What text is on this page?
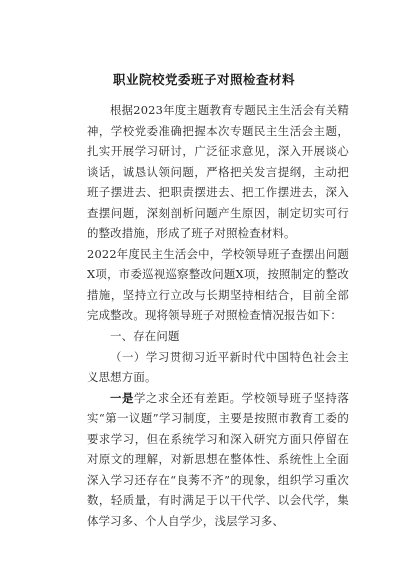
职业院校党委班子对照检查材料

根据2023年度主题教育专题民主生活会有关精神，学校党委准确把握本次专题民主生活会主题，扎实开展学习研讨，广泛征求意见，深入开展谈心谈话，诚恳认领问题，严格把关发言提纲，主动把班子摆进去、把职责摆进去、把工作摆进去，深入查摆问题，深刻剖析问题产生原因，制定切实可行的整改措施，形成了班子对照检查材料。

2022年度民主生活会中，学校领导班子查摆出问题X项，市委巡视巡察整改问题X项，按照制定的整改措施，坚持立行立改与长期坚持相结合，目前全部完成整改。现将领导班子对照检查情况报告如下：

一、存在问题

（一）学习贯彻习近平新时代中国特色社会主义思想方面。

一是学之求全还有差距。学校领导班子坚持落实“第一议题”学习制度，主要是按照市教育工委的要求学习，但在系统学习和深入研究方面只停留在对原文的理解，对新思想在整体性、系统性上全面深入学习还存在“良莠不齐”的现象，组织学习重次数，轻质量，有时满足于以干代学、以会代学，集体学习多、个人自学少，浅层学习多、
